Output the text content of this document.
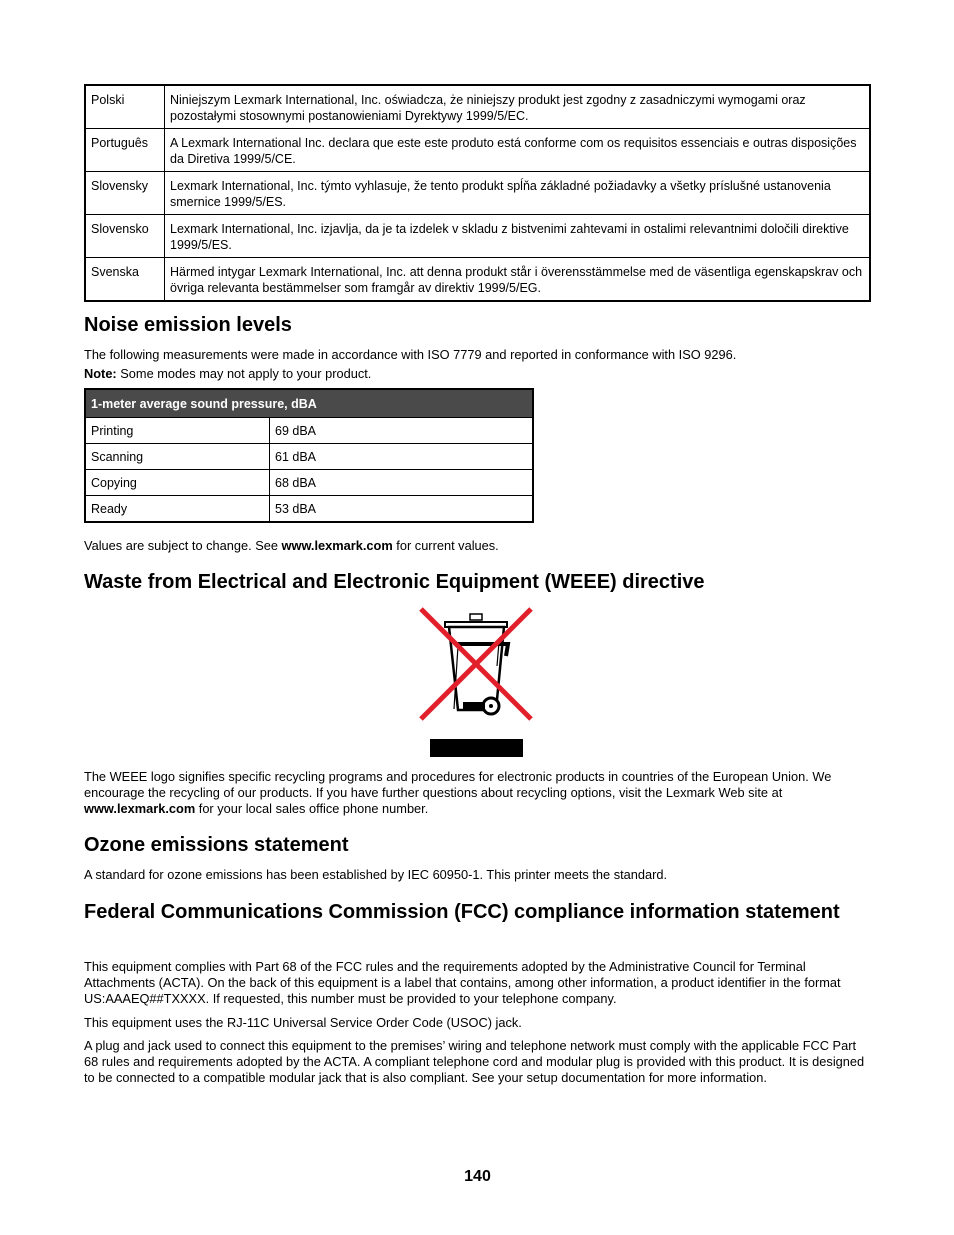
Polski	Niniejszym Lexmark International, Inc. oświadcza, że niniejszy produkt jest zgodny z zasadniczymi wymogami oraz pozostałymi stosownymi postanowieniami Dyrektywy 1999/5/EC.
Português	A Lexmark International Inc. declara que este este produto está conforme com os requisitos essenciais e outras disposições da Diretiva 1999/5/CE.
Slovensky	Lexmark International, Inc. týmto vyhlasuje, že tento produkt spĺňa základné požiadavky a všetky príslušné ustanovenia smernice 1999/5/ES.
Slovensko	Lexmark International, Inc. izjavlja, da je ta izdelek v skladu z bistvenimi zahtevami in ostalimi relevantnimi določili direktive 1999/5/ES.
Svenska	Härmed intygar Lexmark International, Inc. att denna produkt står i överensstämmelse med de väsentliga egenskapskrav och övriga relevanta bestämmelser som framgår av direktiv 1999/5/EG.
Noise emission levels

The following measurements were made in accordance with ISO 7779 and reported in conformance with ISO 9296.

Note: Some modes may not apply to your product.

1-meter average sound pressure, dBA	
Printing	69 dBA
Scanning	61 dBA
Copying	68 dBA
Ready	53 dBA

Values are subject to change. See www.lexmark.com for current values.

Waste from Electrical and Electronic Equipment (WEEE) directive

The WEEE logo signifies specific recycling programs and procedures for electronic products in countries of the European Union. We encourage the recycling of our products. If you have further questions about recycling options, visit the Lexmark Web site at www.lexmark.com for your local sales office phone number.

Ozone emissions statement

A standard for ozone emissions has been established by IEC 60950-1. This printer meets the standard.

Federal Communications Commission (FCC) compliance information statement

This equipment complies with Part 68 of the FCC rules and the requirements adopted by the Administrative Council for Terminal Attachments (ACTA). On the back of this equipment is a label that contains, among other information, a product identifier in the format US:AAAEQ##TXXXX. If requested, this number must be provided to your telephone company.

This equipment uses the RJ-11C Universal Service Order Code (USOC) jack.

A plug and jack used to connect this equipment to the premises’ wiring and telephone network must comply with the applicable FCC Part 68 rules and requirements adopted by the ACTA. A compliant telephone cord and modular plug is provided with this product. It is designed to be connected to a compatible modular jack that is also compliant. See your setup documentation for more information.

140
